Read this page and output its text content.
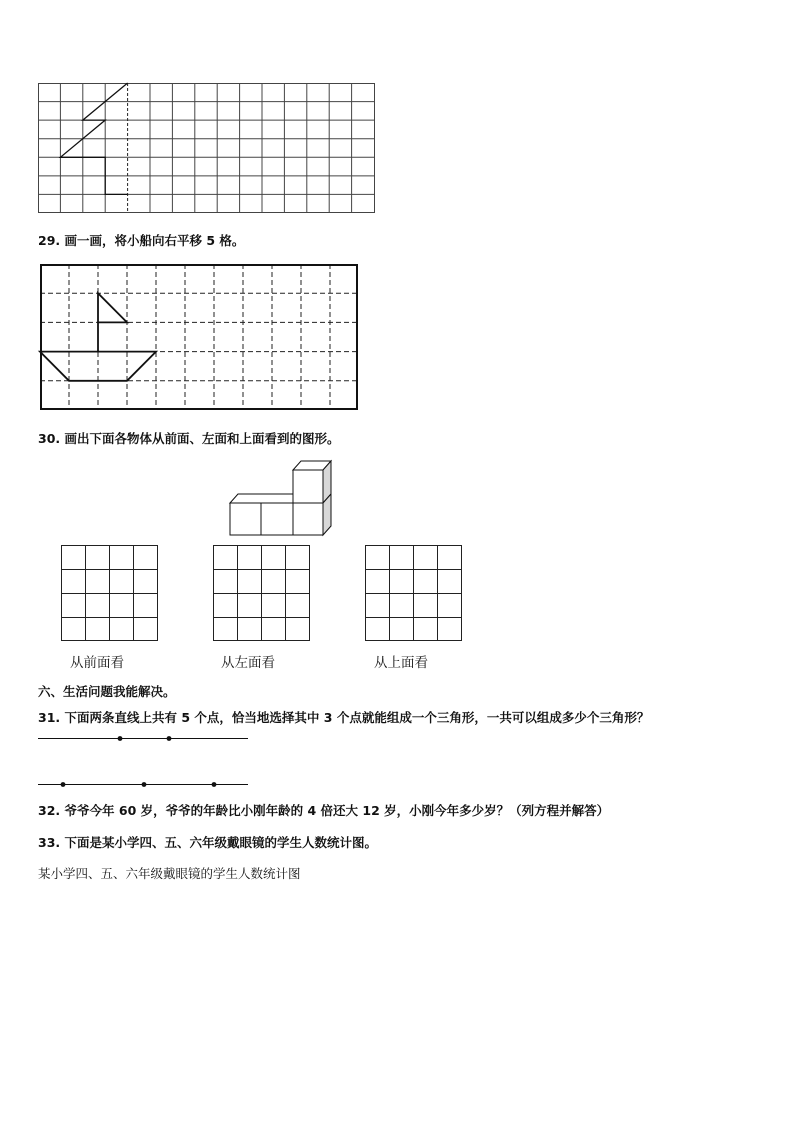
29. 画一画，将小船向右平移 5 格。
30. 画出下面各物体从前面、左面和上面看到的图形。
从前面看	从左面看	从上面看
六、生活问题我能解决。
31. 下面两条直线上共有 5 个点，恰当地选择其中 3 个点就能组成一个三角形，一共可以组成多少个三角形？
32. 爷爷今年 60 岁，爷爷的年龄比小刚年龄的 4 倍还大 12 岁，小刚今年多少岁？（列方程并解答）
33. 下面是某小学四、五、六年级戴眼镜的学生人数统计图。
某小学四、五、六年级戴眼镜的学生人数统计图
